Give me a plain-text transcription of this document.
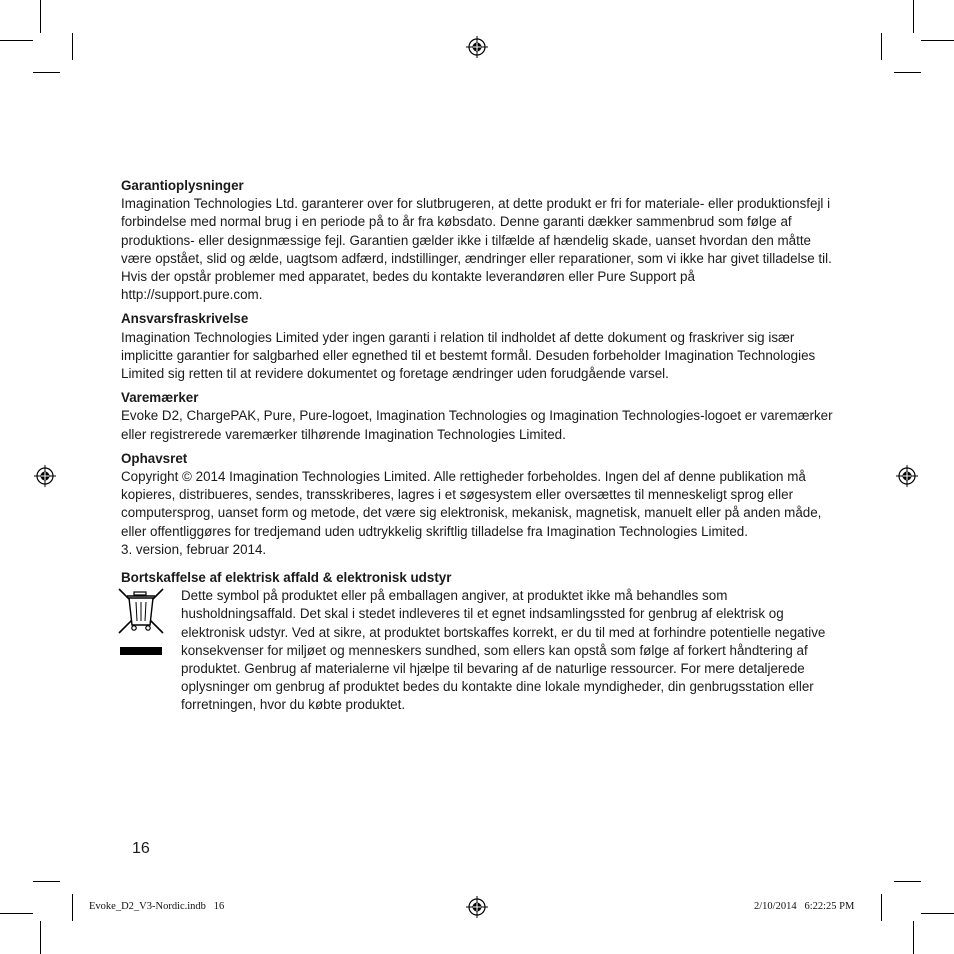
Garantioplysninger
Imagination Technologies Ltd. garanterer over for slutbrugeren, at dette produkt er fri for materiale- eller produktionsfejl i forbindelse med normal brug i en periode på to år fra købsdato. Denne garanti dækker sammenbrud som følge af produktions- eller designmæssige fejl. Garantien gælder ikke i tilfælde af hændelig skade, uanset hvordan den måtte være opstået, slid og ælde, uagtsom adfærd, indstillinger, ændringer eller reparationer, som vi ikke har givet tilladelse til. Hvis der opstår problemer med apparatet, bedes du kontakte leverandøren eller Pure Support på http://support.pure.com.
Ansvarsfraskrivelse
Imagination Technologies Limited yder ingen garanti i relation til indholdet af dette dokument og fraskriver sig især implicitte garantier for salgbarhed eller egnethed til et bestemt formål. Desuden forbeholder Imagination Technologies Limited sig retten til at revidere dokumentet og foretage ændringer uden forudgående varsel.
Varemærker
Evoke D2, ChargePAK, Pure, Pure-logoet, Imagination Technologies og Imagination Technologies-logoet er varemærker eller registrerede varemærker tilhørende Imagination Technologies Limited.
Ophavsret
Copyright © 2014 Imagination Technologies Limited. Alle rettigheder forbeholdes. Ingen del af denne publikation må kopieres, distribueres, sendes, transskriberes, lagres i et søgesystem eller oversættes til menneskeligt sprog eller computersprog, uanset form og metode, det være sig elektronisk, mekanisk, magnetisk, manuelt eller på anden måde, eller offentliggøres for tredjemand uden udtrykkelig skriftlig tilladelse fra Imagination Technologies Limited.
3. version, februar 2014.
Bortskaffelse af elektrisk affald & elektronisk udstyr
Dette symbol på produktet eller på emballagen angiver, at produktet ikke må behandles som husholdningsaffald. Det skal i stedet indleveres til et egnet indsamlingssted for genbrug af elektrisk og elektronisk udstyr. Ved at sikre, at produktet bortskaffes korrekt, er du til med at forhindre potentielle negative konsekvenser for miljøet og menneskers sundhed, som ellers kan opstå som følge af forkert håndtering af produktet. Genbrug af materialerne vil hjælpe til bevaring af de naturlige ressourcer. For mere detaljerede oplysninger om genbrug af produktet bedes du kontakte dine lokale myndigheder, din genbrugsstation eller forretningen, hvor du købte produktet.
16
Evoke_D2_V3-Nordic.indb   16	2/10/2014   6:22:25 PM
